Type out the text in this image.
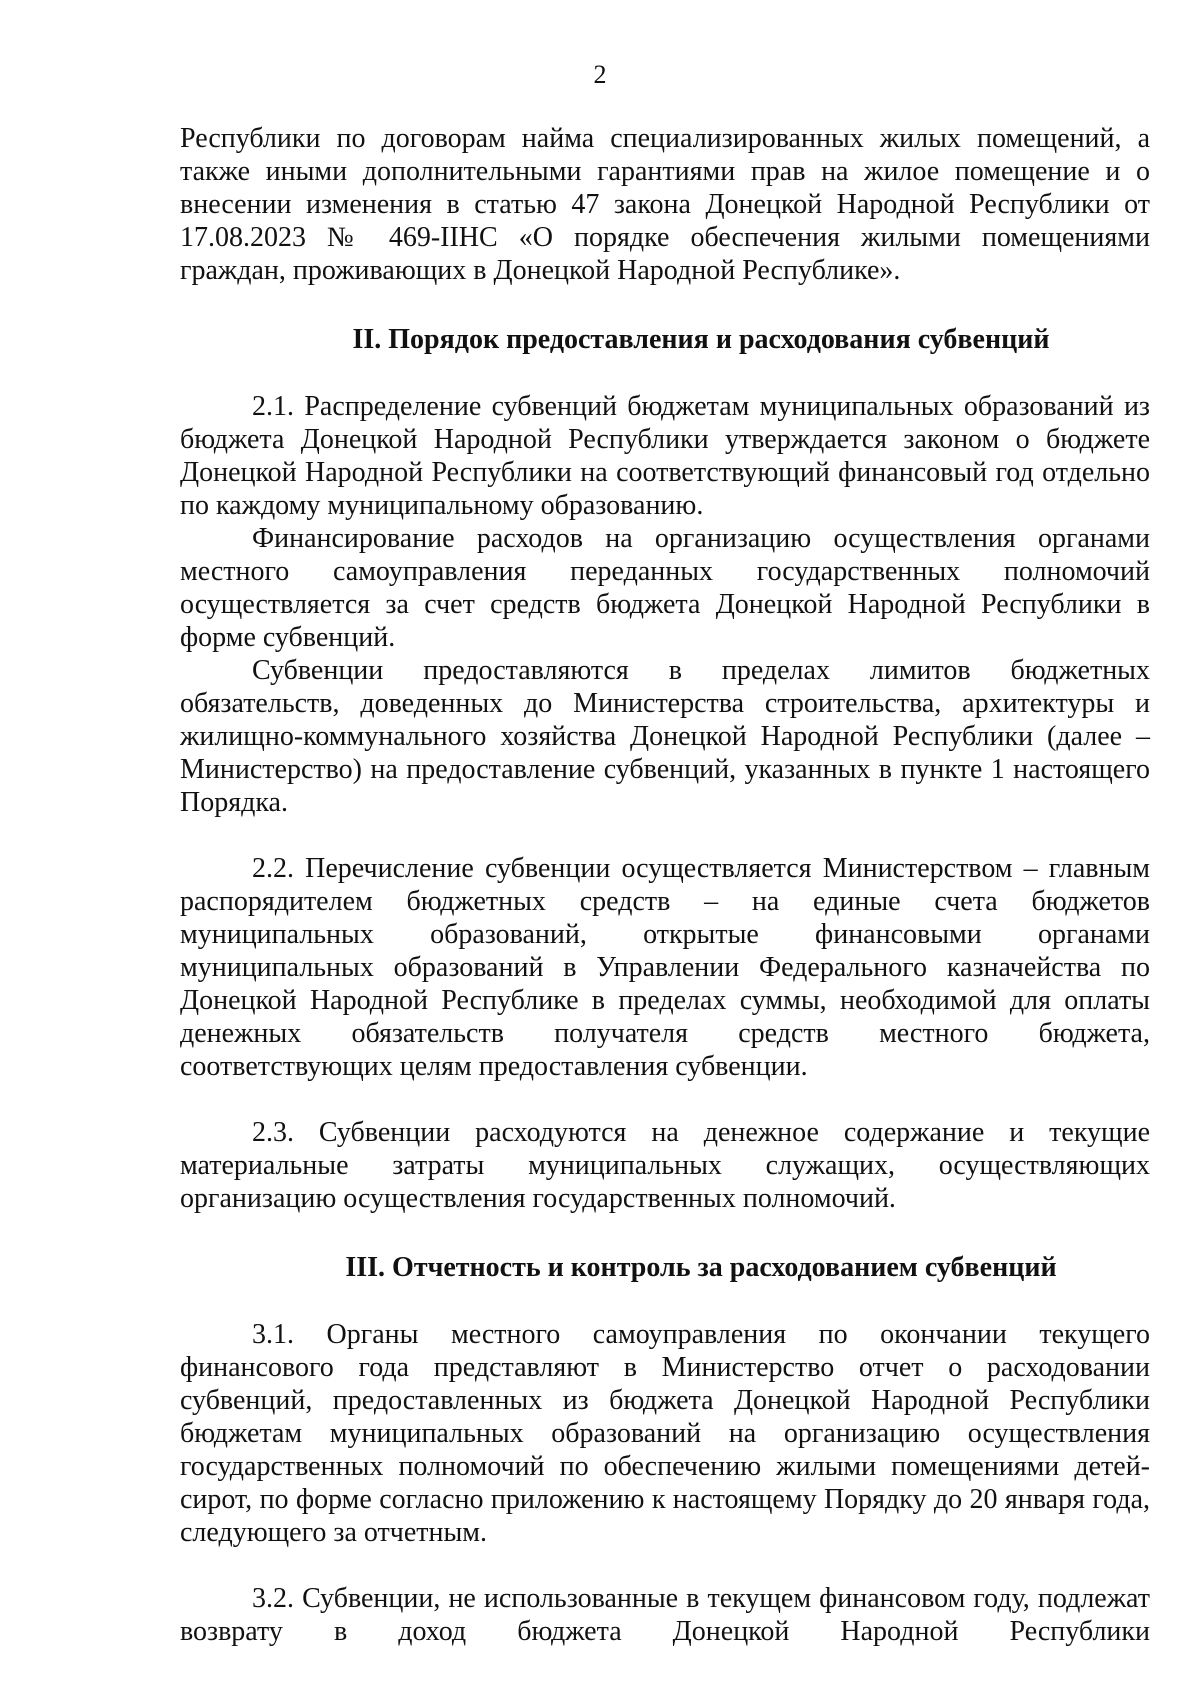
2

Республики по договорам найма специализированных жилых помещений, а также иными дополнительными гарантиями прав на жилое помещение и о внесении изменения в статью 47 закона Донецкой Народной Республики от 17.08.2023 № 469-IIНС «О порядке обеспечения жилыми помещениями граждан, проживающих в Донецкой Народной Республике».

II. Порядок предоставления и расходования субвенций

2.1. Распределение субвенций бюджетам муниципальных образований из бюджета Донецкой Народной Республики утверждается законом о бюджете Донецкой Народной Республики на соответствующий финансовый год отдельно по каждому муниципальному образованию.

Финансирование расходов на организацию осуществления органами местного самоуправления переданных государственных полномочий осуществляется за счет средств бюджета Донецкой Народной Республики в форме субвенций.

Субвенции предоставляются в пределах лимитов бюджетных обязательств, доведенных до Министерства строительства, архитектуры и жилищно-коммунального хозяйства Донецкой Народной Республики (далее – Министерство) на предоставление субвенций, указанных в пункте 1 настоящего Порядка.

2.2. Перечисление субвенции осуществляется Министерством – главным распорядителем бюджетных средств – на единые счета бюджетов муниципальных образований, открытые финансовыми органами муниципальных образований в Управлении Федерального казначейства по Донецкой Народной Республике в пределах суммы, необходимой для оплаты денежных обязательств получателя средств местного бюджета, соответствующих целям предоставления субвенции.

2.3. Субвенции расходуются на денежное содержание и текущие материальные затраты муниципальных служащих, осуществляющих организацию осуществления государственных полномочий.

III. Отчетность и контроль за расходованием субвенций

3.1. Органы местного самоуправления по окончании текущего финансового года представляют в Министерство отчет о расходовании субвенций, предоставленных из бюджета Донецкой Народной Республики бюджетам муниципальных образований на организацию осуществления государственных полномочий по обеспечению жилыми помещениями детей-сирот, по форме согласно приложению к настоящему Порядку до 20 января года, следующего за отчетным.

3.2. Субвенции, не использованные в текущем финансовом году, подлежат возврату в доход бюджета Донецкой Народной Республики
